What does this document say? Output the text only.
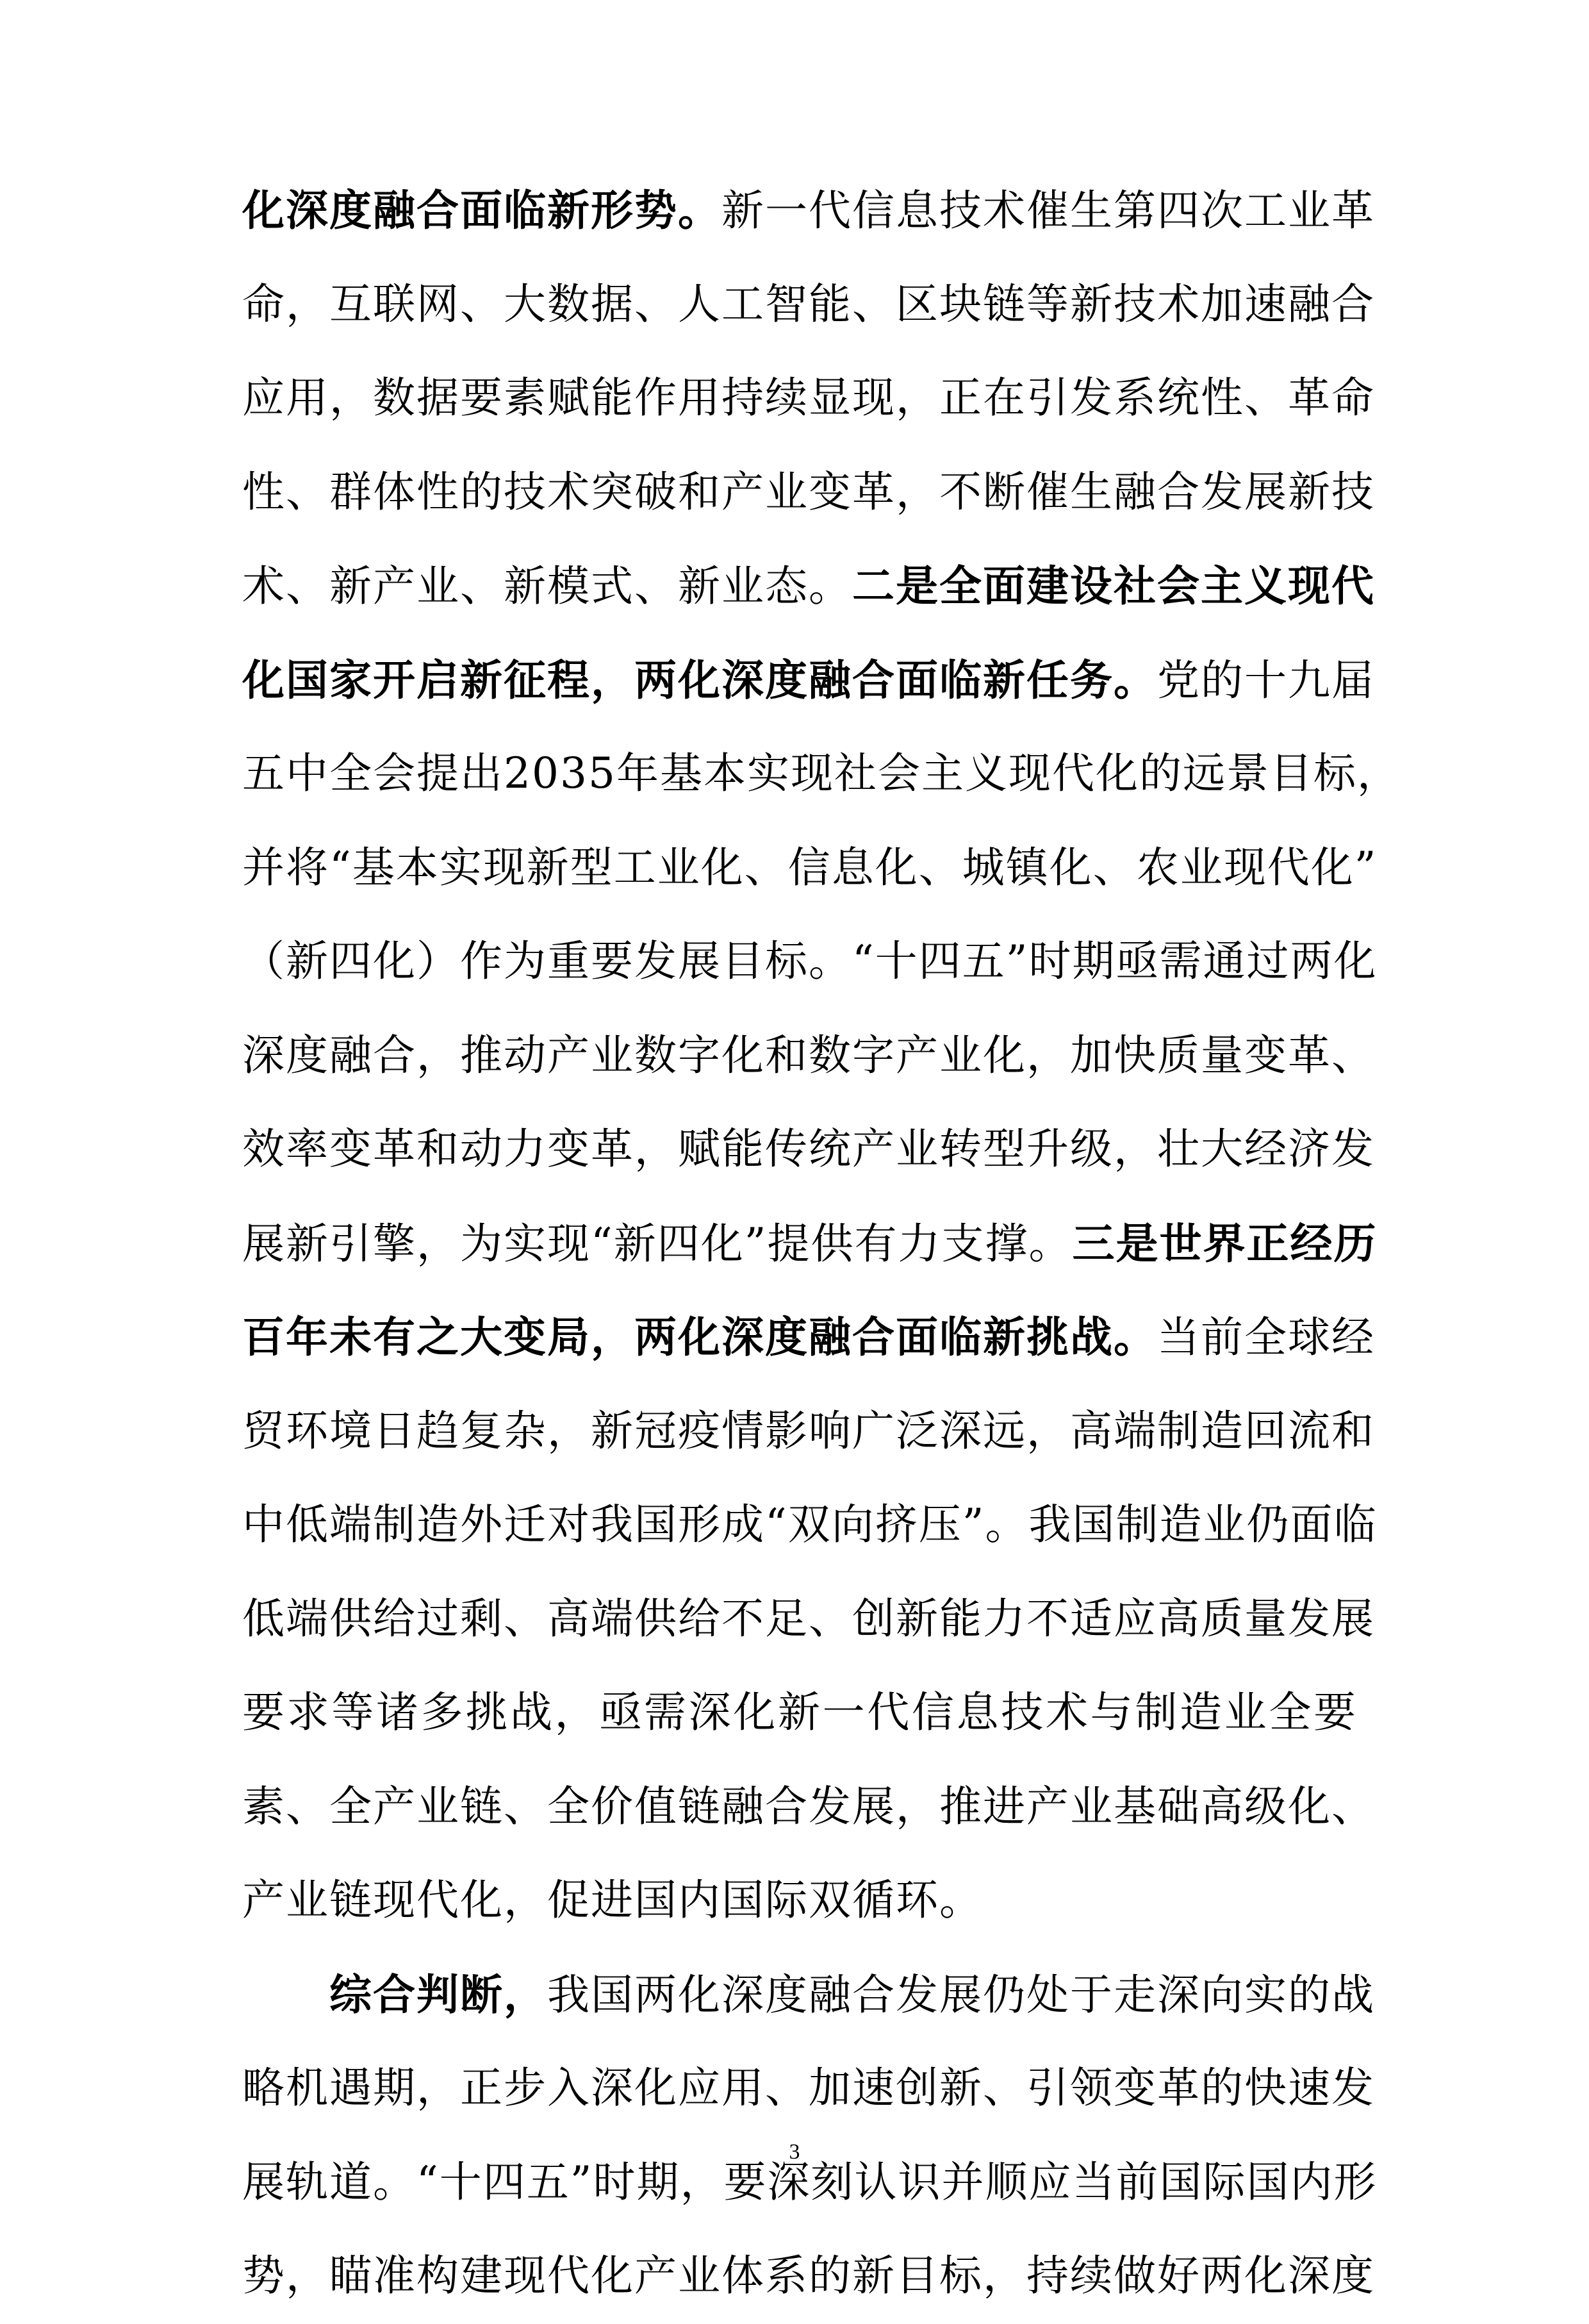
化深度融合面临新形势。新一代信息技术催生第四次工业革
命，互联网、大数据、人工智能、区块链等新技术加速融合
应用，数据要素赋能作用持续显现，正在引发系统性、革命
性、群体性的技术突破和产业变革，不断催生融合发展新技
术、新产业、新模式、新业态。二是全面建设社会主义现代
化国家开启新征程，两化深度融合面临新任务。党的十九届
五中全会提出2035年基本实现社会主义现代化的远景目标，
并将“基本实现新型工业化、信息化、城镇化、农业现代化”
（新四化）作为重要发展目标。“十四五”时期亟需通过两化
深度融合，推动产业数字化和数字产业化，加快质量变革、
效率变革和动力变革，赋能传统产业转型升级，壮大经济发
展新引擎，为实现“新四化”提供有力支撑。三是世界正经历
百年未有之大变局，两化深度融合面临新挑战。当前全球经
贸环境日趋复杂，新冠疫情影响广泛深远，高端制造回流和
中低端制造外迁对我国形成“双向挤压”。我国制造业仍面临
低端供给过剩、高端供给不足、创新能力不适应高质量发展
要求等诸多挑战，亟需深化新一代信息技术与制造业全要
素、全产业链、全价值链融合发展，推进产业基础高级化、
产业链现代化，促进国内国际双循环。
　　综合判断，我国两化深度融合发展仍处于走深向实的战
略机遇期，正步入深化应用、加速创新、引领变革的快速发
展轨道。“十四五”时期，要深刻认识并顺应当前国际国内形
势，瞄准构建现代化产业体系的新目标，持续做好两化深度
3
